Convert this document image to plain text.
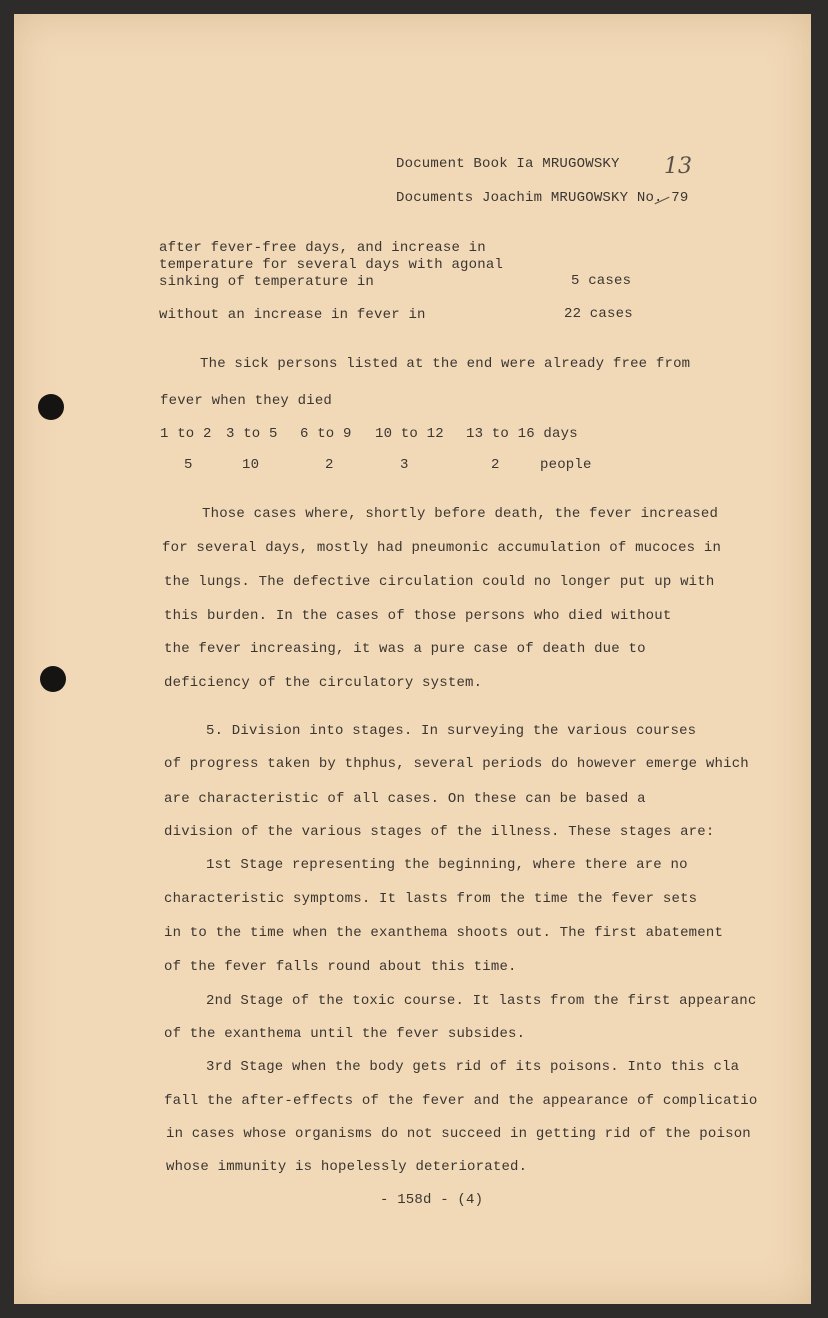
Document Book Ia MRUGOWSKY
Documents Joachim MRUGOWSKY No. 79
13
after fever-free days, and increase in
temperature for several days with agonal
sinking of temperature in	5 cases
without an increase in fever in	22 cases
The sick persons listed at the end were already free from
fever when they died
1 to 2 3 to 5 6 to 9 10 to 12 13 to 16 days
5	10	2	3	2	people
Those cases where, shortly before death, the fever increased
for several days, mostly had pneumonic accumulation of mucoces in
the lungs. The defective circulation could no longer put up with
this burden. In the cases of those persons who died without
the fever increasing, it was a pure case of death due to
deficiency of the circulatory system.
5. Division into stages. In surveying the various courses
of progress taken by thphus, several periods do however emerge which
are characteristic of all cases. On these can be based a
division of the various stages of the illness. These stages are:
1st Stage representing the beginning, where there are no
characteristic symptoms. It lasts from the time the fever sets
in to the time when the exanthema shoots out. The first abatement
of the fever falls round about this time.
2nd Stage of the toxic course. It lasts from the first appearanc
of the exanthema until the fever subsides.
3rd Stage when the body gets rid of its poisons. Into this cla
fall the after-effects of the fever and the appearance of complicatio
in cases whose organisms do not succeed in getting rid of the poison
whose immunity is hopelessly deteriorated.
- 158d - (4)
